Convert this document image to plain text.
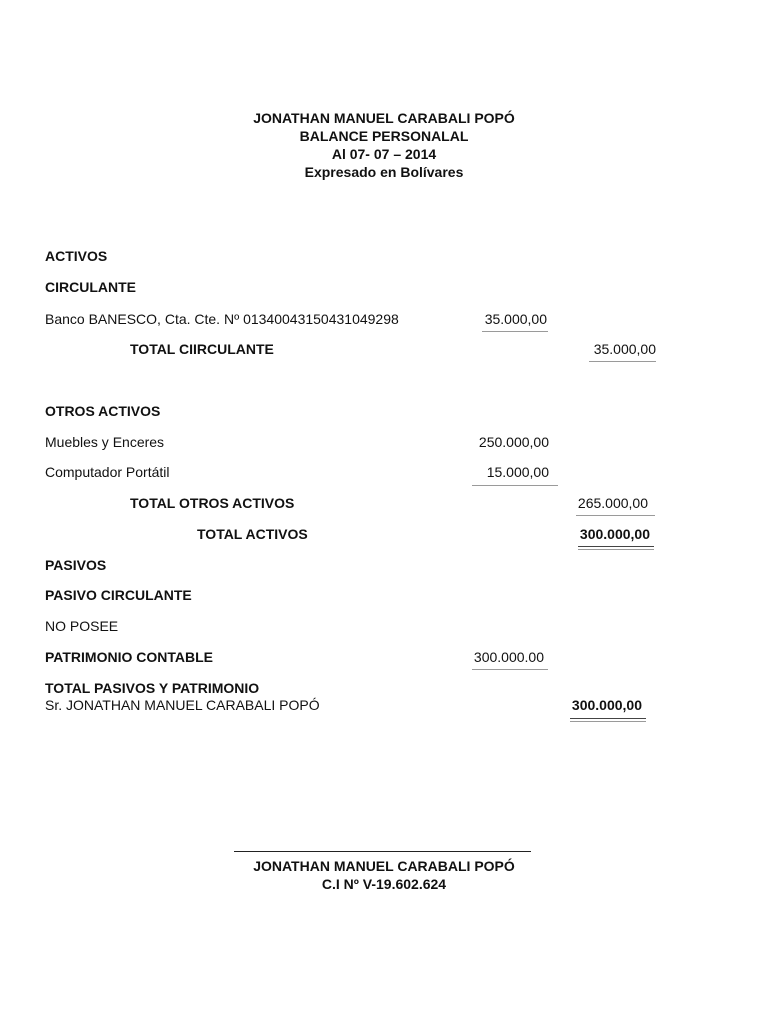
JONATHAN MANUEL CARABALI POPÓ
BALANCE PERSONALAL
Al 07- 07 – 2014
Expresado en Bolívares
ACTIVOS
CIRCULANTE
Banco BANESCO, Cta. Cte. Nº 01340043150431049298	35.000,00
TOTAL CIIRCULANTE	35.000,00
OTROS ACTIVOS
Muebles y Enceres	250.000,00
Computador Portátil	15.000,00
TOTAL OTROS ACTIVOS	265.000,00
TOTAL ACTIVOS	300.000,00
PASIVOS
PASIVO CIRCULANTE
NO POSEE
PATRIMONIO CONTABLE	300.000.00
TOTAL PASIVOS Y PATRIMONIO
Sr. JONATHAN MANUEL CARABALI POPÓ	300.000,00
JONATHAN MANUEL CARABALI POPÓ
C.I Nº V-19.602.624
